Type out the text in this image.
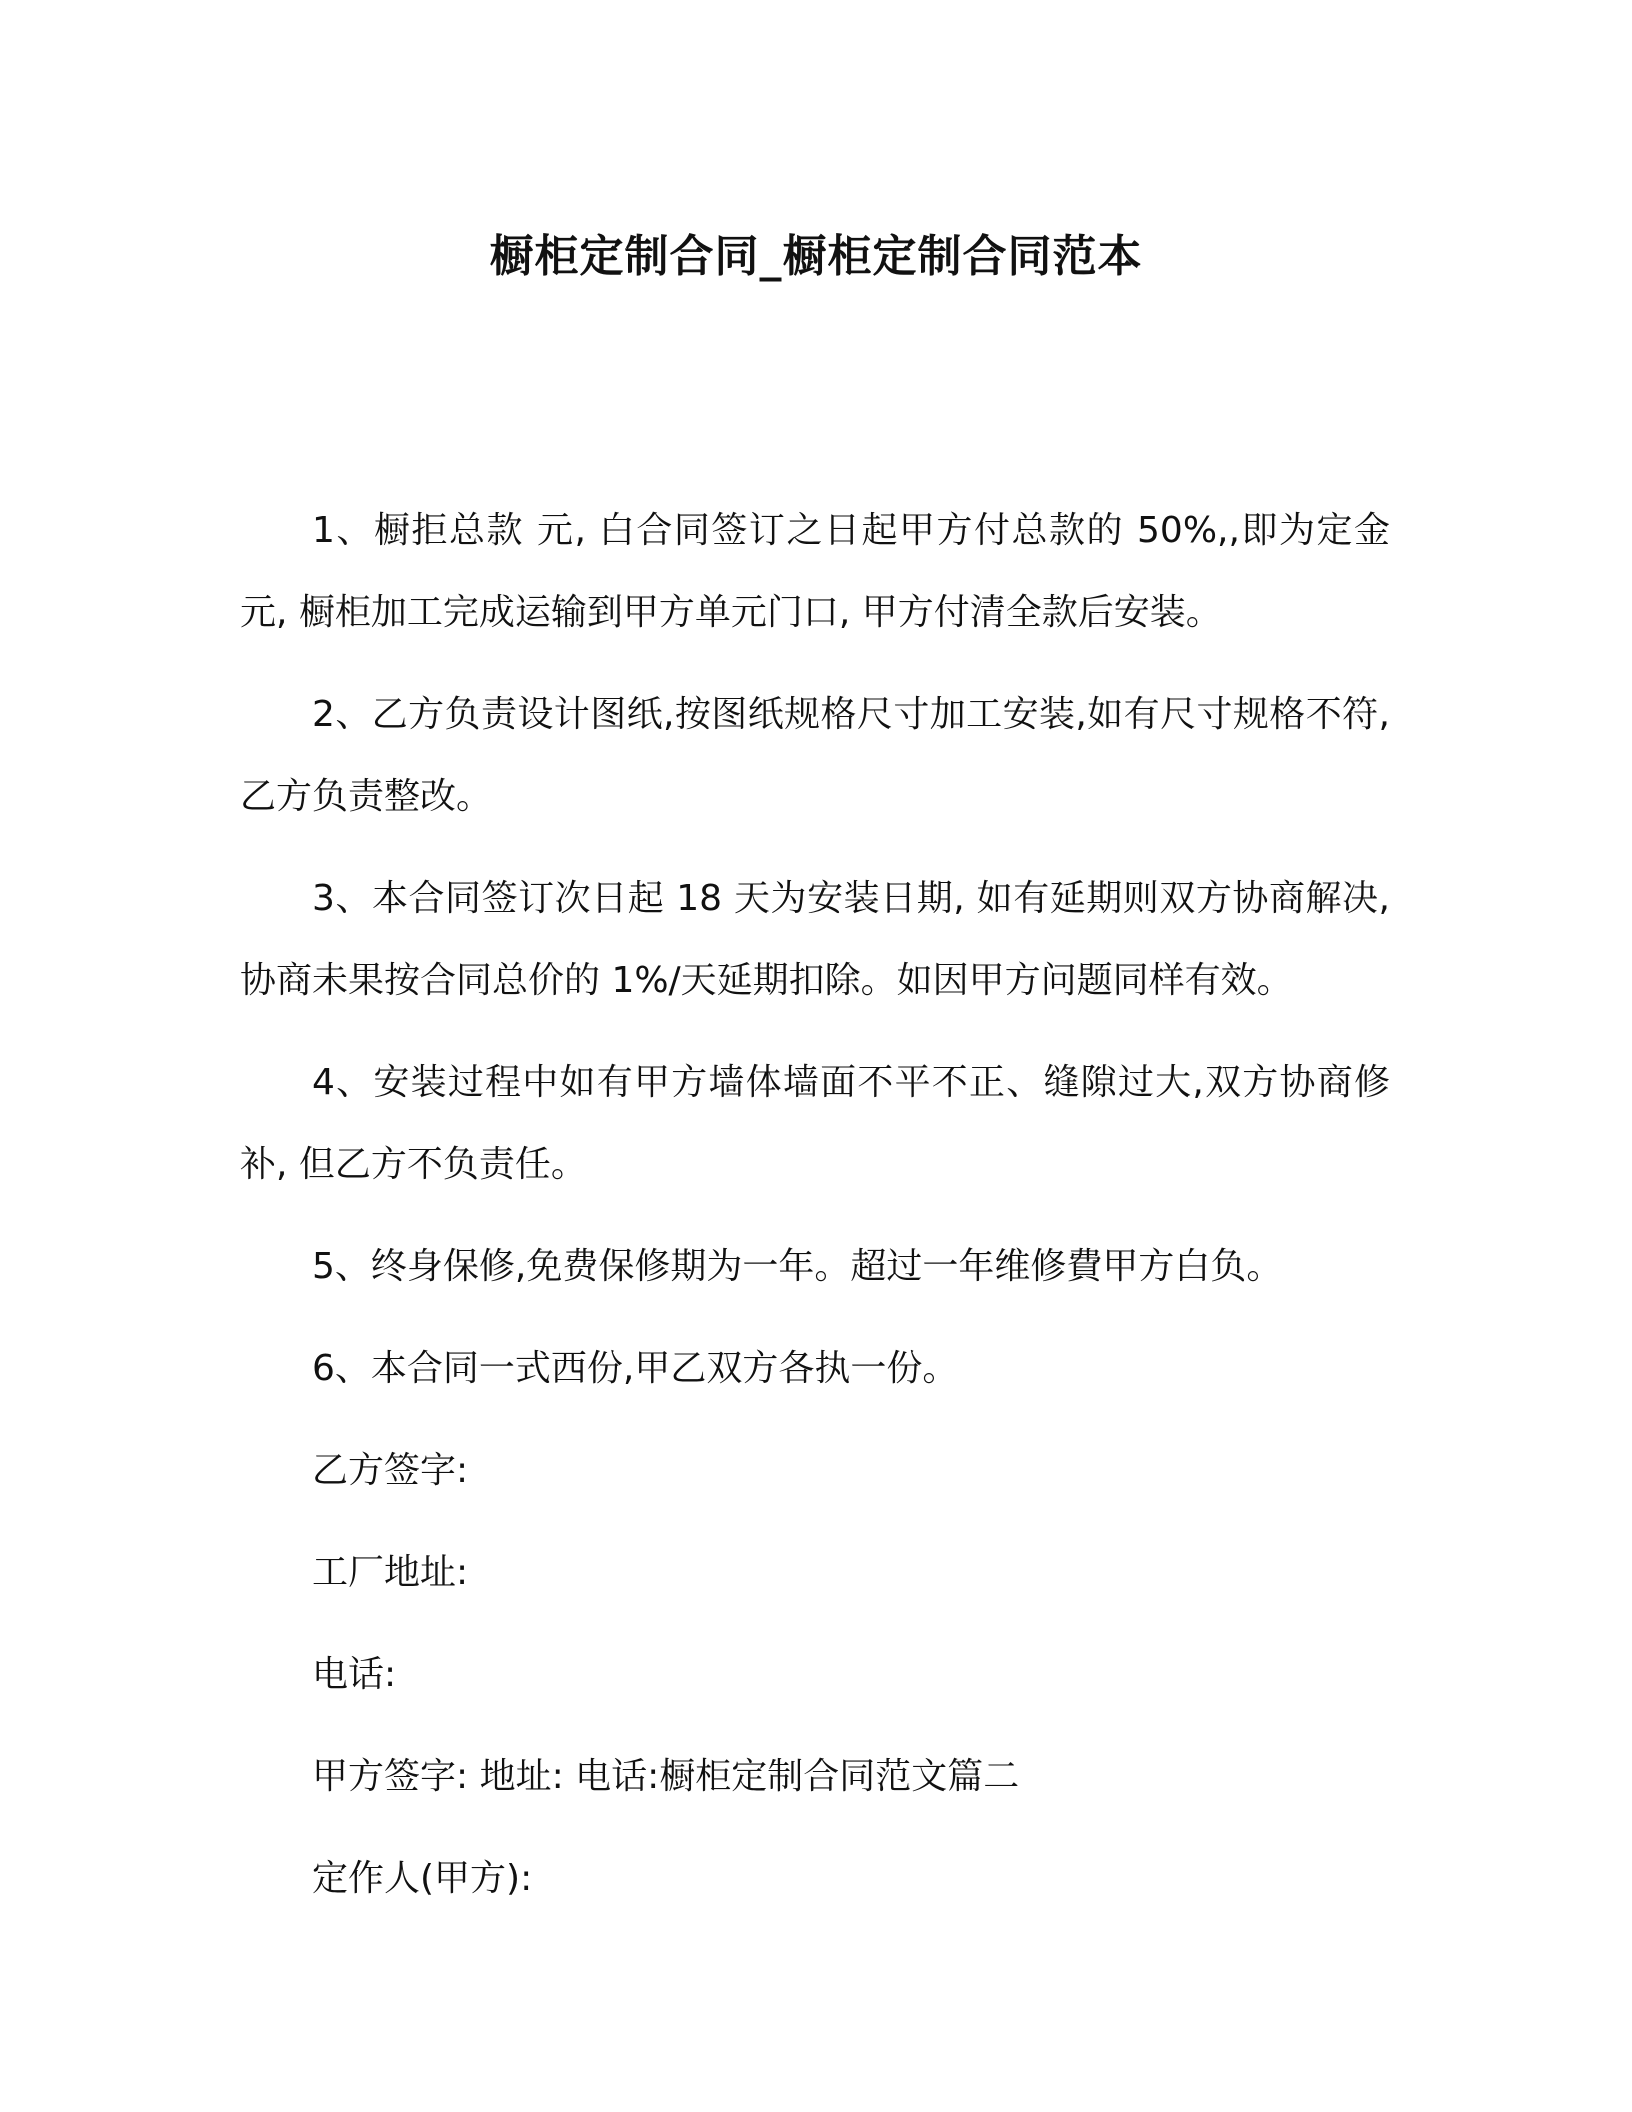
橱柜定制合同_橱柜定制合同范本

1、橱拒总款 元, 白合同签订之日起甲方付总款的 50%,,即为定金 元, 橱柜加工完成运输到甲方单元门口, 甲方付清全款后安装。

2、乙方负责设计图纸,按图纸规格尺寸加工安装,如有尺寸规格不符,乙方负责整改。

3、本合同签订次日起 18 天为安装日期, 如有延期则双方协商解决, 协商未果按合同总价的 1%/天延期扣除。如因甲方问题同样有效。

4、安装过程中如有甲方墙体墙面不平不正、缝隙过大,双方协商修补, 但乙方不负责任。

5、终身保修,免费保修期为一年。超过一年维修費甲方白负。

6、本合同一式西份,甲乙双方各执一份。

乙方签字:

工厂地址:

电话:

甲方签字: 地址: 电话:橱柜定制合同范文篇二

定作人(甲方):
